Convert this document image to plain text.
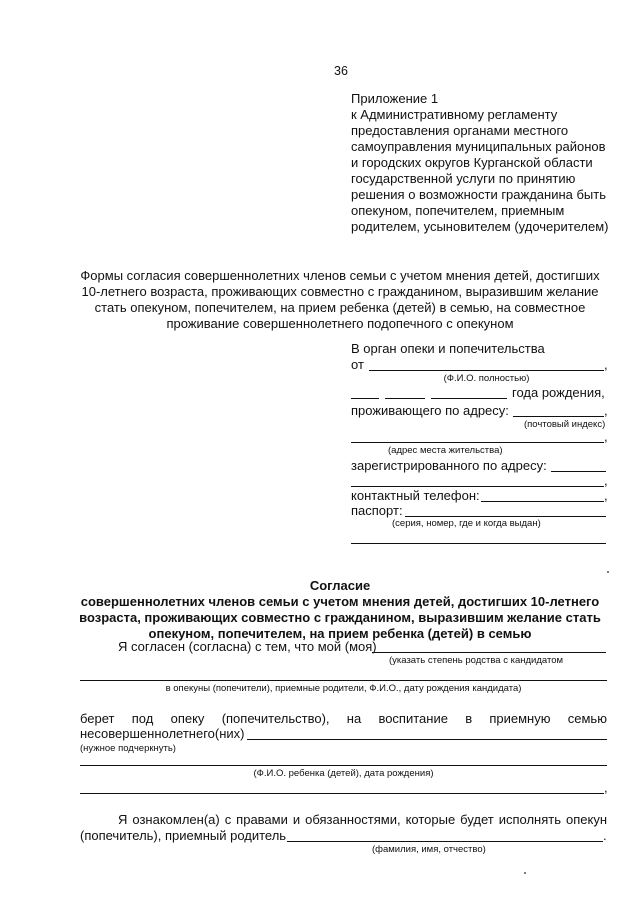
36
Приложение 1
к Административному регламенту
предоставления органами местного
самоуправления муниципальных районов
и городских округов Курганской области
государственной услуги по принятию
решения о возможности гражданина быть
опекуном, попечителем, приемным
родителем, усыновителем (удочерителем)
Формы согласия совершеннолетних членов семьи с учетом мнения детей, достигших
10-летнего возраста, проживающих совместно с гражданином, выразившим желание
стать опекуном, попечителем, на прием ребенка (детей) в семью, на совместное
проживание совершеннолетнего подопечного с опекуном
В орган опеки и попечительства
от	,
(Ф.И.О. полностью)
года рождения,
проживающего по адресу:	,
(почтовый индекс)
,
(адрес места жительства)
зарегистрированного по адресу:
,
контактный телефон:	,
паспорт:
(серия, номер, где и когда выдан)
Согласие
совершеннолетних членов семьи с учетом мнения детей, достигших 10-летнего
возраста, проживающих совместно с гражданином, выразившим желание стать
опекуном, попечителем, на прием ребенка (детей) в семью
Я согласен (согласна) с тем, что мой (моя)
(указать степень родства с кандидатом
в опекуны (попечители), приемные родители, Ф.И.О., дату рождения кандидата)
берет под опеку (попечительство), на воспитание в приемную семью
несовершеннолетнего(них)
(нужное подчеркнуть)
(Ф.И.О. ребенка (детей), дата рождения)
,
Я ознакомлен(а) с правами и обязанностями, которые будет исполнять опекун
(попечитель), приемный родитель	.
(фамилия, имя, отчество)
